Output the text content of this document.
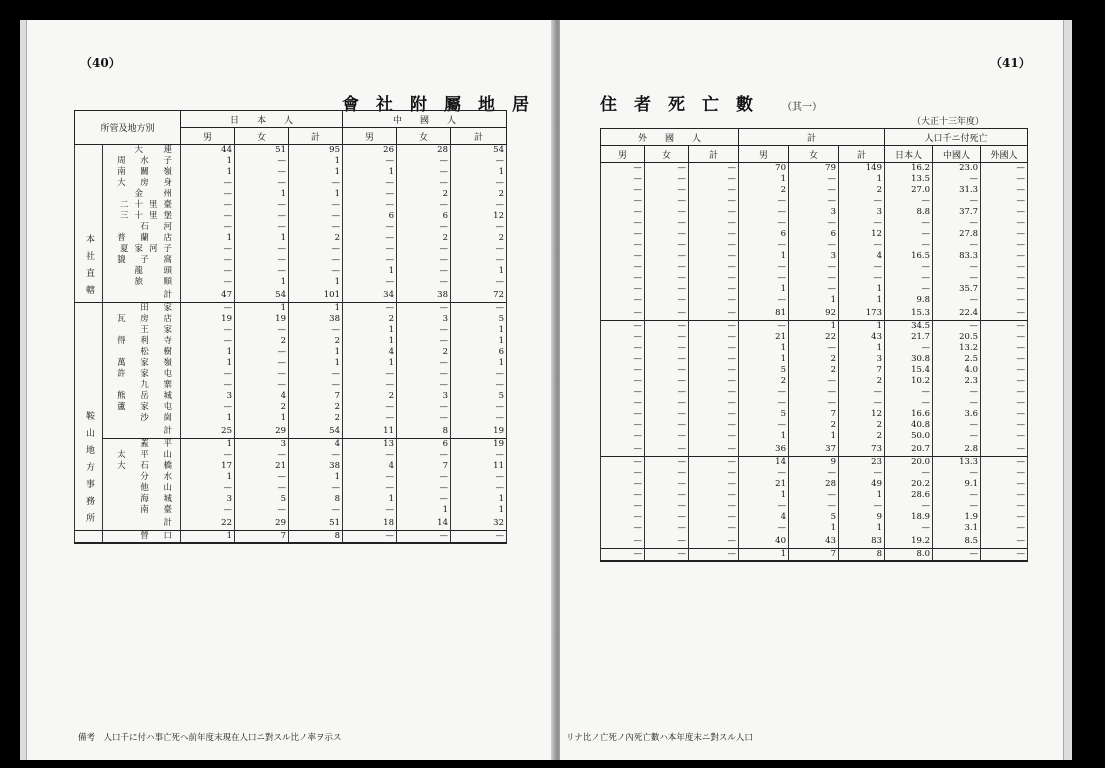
（40）
會社附屬地居
所管及地方別		日　　本　　人			中　　國　　人		
		男	女	計	男	女	計
本社直轄	大　連	44	51	95	26	28	54
	周 水 子	1	—	1	—	—	—
	南 關 嶺	1	—	1	1	—	1
	大 房 身	—	—	—	—	—	—
	金　州	—	1	1	—	2	2
	二十里臺	—	—	—	—	—	—
	三十里堡	—	—	—	6	6	12
	石 河	—	—	—	—	—	—
	普 蘭 店	1	1	2	—	2	2
	夏家河子	—	—	—	—	—	—
	貔 子 窩	—	—	—	—	—	—
	龍　頭	—	—	—	1	—	1
	旅　順	—	1	1	—	—	—
	計	47	54	101	34	38	72
鞍山地方事務所	田 家	—	1	1	—	—	—
	瓦 房 店	19	19	38	2	3	5
	王 家	—	—	—	1	—	1
	得 利 寺	—	2	2	1	—	1
	松 樹	1	—	1	4	2	6
	萬 家 嶺	1	—	1	1	—	1
	許 家 屯	—	—	—	—	—	—
	九 寨	—	—	—	—	—	—
	熊 岳 城	3	4	7	2	3	5
	蘆 家 屯	—	2	2	—	—	—
	沙 崗	1	1	2	—	—	—
	計	25	29	54	11	8	19
	蓋 平	1	3	4	13	6	19
	太 平 山	—	—	—	—	—	—
	大 石 橋	17	21	38	4	7	11
	分 水	1	—	1	—	—	—
	他 山	—	—	—	—	—	—
	海 城	3	5	8	1	—	1
	南 臺	—	—	—	—	1	1
	計	22	29	51	18	14	32
	營 口	1	7	8	—	—	—
備考　人口千に付ハ事亡死ヘ前年度末現在人口ニ對スル比ノ率ヲ示ス
住者死亡數 （其一）
（41）
（大正十三年度）
外　　國　　人			計			人口千ニ付死亡		
男	女	計	男	女	計	日本人	中國人	外國人
—	—	—	70	79	149	16.2	23.0	—
—	—	—	1	—	1	13.5	—	—
—	—	—	2	—	2	27.0	31.3	—
—	—	—	—	—	—	—	—	—
—	—	—	—	3	3	8.8	37.7	—
—	—	—	—	—	—	—	—	—
—	—	—	6	6	12	—	27.8	—
—	—	—	—	—	—	—	—	—
—	—	—	1	3	4	16.5	83.3	—
—	—	—	—	—	—	—	—	—
—	—	—	—	—	—	—	—	—
—	—	—	1	—	1	—	35.7	—
—	—	—	—	1	1	9.8	—	—
—	—	—	81	92	173	15.3	22.4	—
—	—	—	—	1	1	34.5	—	—
—	—	—	21	22	43	21.7	20.5	—
—	—	—	1	—	1	—	13.2	—
—	—	—	1	2	3	30.8	2.5	—
—	—	—	5	2	7	15.4	4.0	—
—	—	—	2	—	2	10.2	2.3	—
—	—	—	—	—	—	—	—	—
—	—	—	—	—	—	—	—	—
—	—	—	5	7	12	16.6	3.6	—
—	—	—	—	2	2	40.8	—	—
—	—	—	1	1	2	50.0	—	—
—	—	—	36	37	73	20.7	2.8	—
—	—	—	14	9	23	20.0	13.3	—
—	—	—	—	—	—	—	—	—
—	—	—	21	28	49	20.2	9.1	—
—	—	—	1	—	1	28.6	—	—
—	—	—	—	—	—	—	—	—
—	—	—	4	5	9	18.9	1.9	—
—	—	—	—	1	1	—	3.1	—
—	—	—	40	43	83	19.2	8.5	—
—	—	—	1	7	8	8.0	—	—
リナ比ノ亡死ノ內死亡數ハ本年度末ニ對スル人口
